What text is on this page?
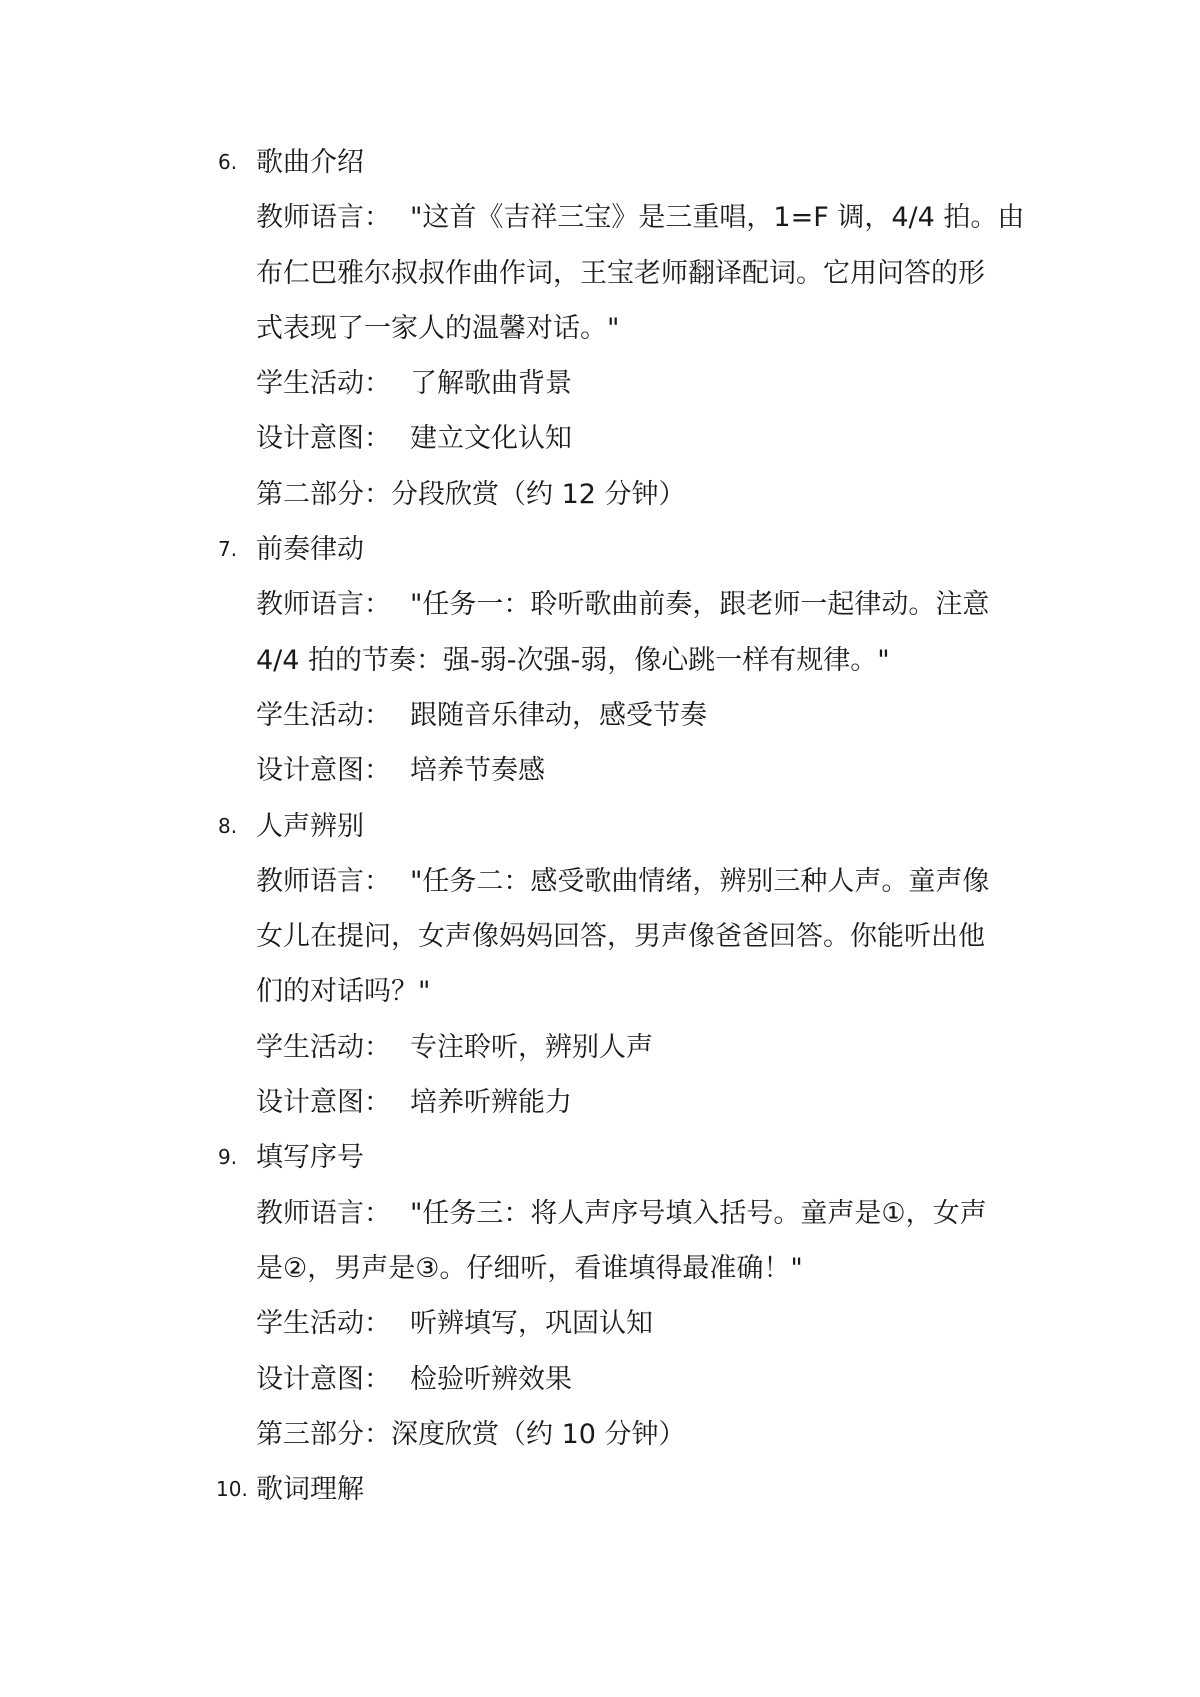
6. 歌曲介绍
教师语言： "这首《吉祥三宝》是三重唱，1=F 调，4/4 拍。由
布仁巴雅尔叔叔作曲作词，王宝老师翻译配词。它用问答的形
式表现了一家人的温馨对话。"
学生活动： 了解歌曲背景
设计意图： 建立文化认知
第二部分：分段欣赏（约 12 分钟）
7. 前奏律动
教师语言： "任务一：聆听歌曲前奏，跟老师一起律动。注意
4/4 拍的节奏：强-弱-次强-弱，像心跳一样有规律。"
学生活动： 跟随音乐律动，感受节奏
设计意图： 培养节奏感
8. 人声辨别
教师语言： "任务二：感受歌曲情绪，辨别三种人声。童声像
女儿在提问，女声像妈妈回答，男声像爸爸回答。你能听出他
们的对话吗？"
学生活动： 专注聆听，辨别人声
设计意图： 培养听辨能力
9. 填写序号
教师语言： "任务三：将人声序号填入括号。童声是①，女声
是②，男声是③。仔细听，看谁填得最准确！"
学生活动： 听辨填写，巩固认知
设计意图： 检验听辨效果
第三部分：深度欣赏（约 10 分钟）
10. 歌词理解
